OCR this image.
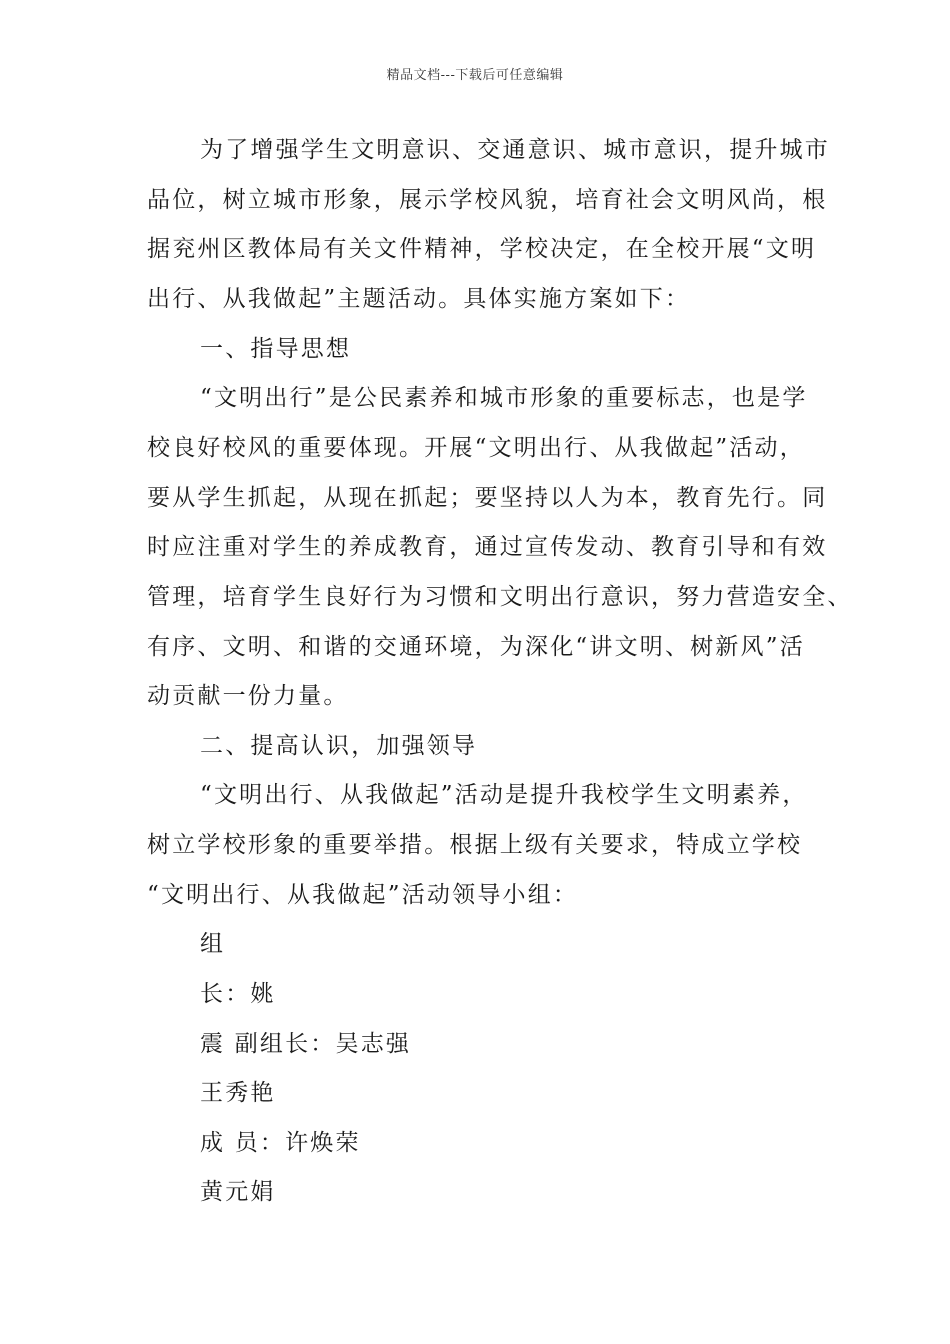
精品文档---下载后可任意编辑
为了增强学生文明意识、交通意识、城市意识，提升城市
品位，树立城市形象，展示学校风貌，培育社会文明风尚，根
据兖州区教体局有关文件精神，学校决定，在全校开展“文明
出行、从我做起”主题活动。具体实施方案如下：
一、指导思想
“文明出行”是公民素养和城市形象的重要标志，也是学
校良好校风的重要体现。开展“文明出行、从我做起”活动，
要从学生抓起，从现在抓起；要坚持以人为本，教育先行。同
时应注重对学生的养成教育，通过宣传发动、教育引导和有效
管理，培育学生良好行为习惯和文明出行意识，努力营造安全、
有序、文明、和谐的交通环境，为深化“讲文明、树新风”活
动贡献一份力量。
二、提高认识，加强领导
“文明出行、从我做起”活动是提升我校学生文明素养，
树立学校形象的重要举措。根据上级有关要求，特成立学校
“文明出行、从我做起”活动领导小组：
组
长：姚
震 副组长：吴志强
王秀艳
成 员：许焕荣
黄元娟
